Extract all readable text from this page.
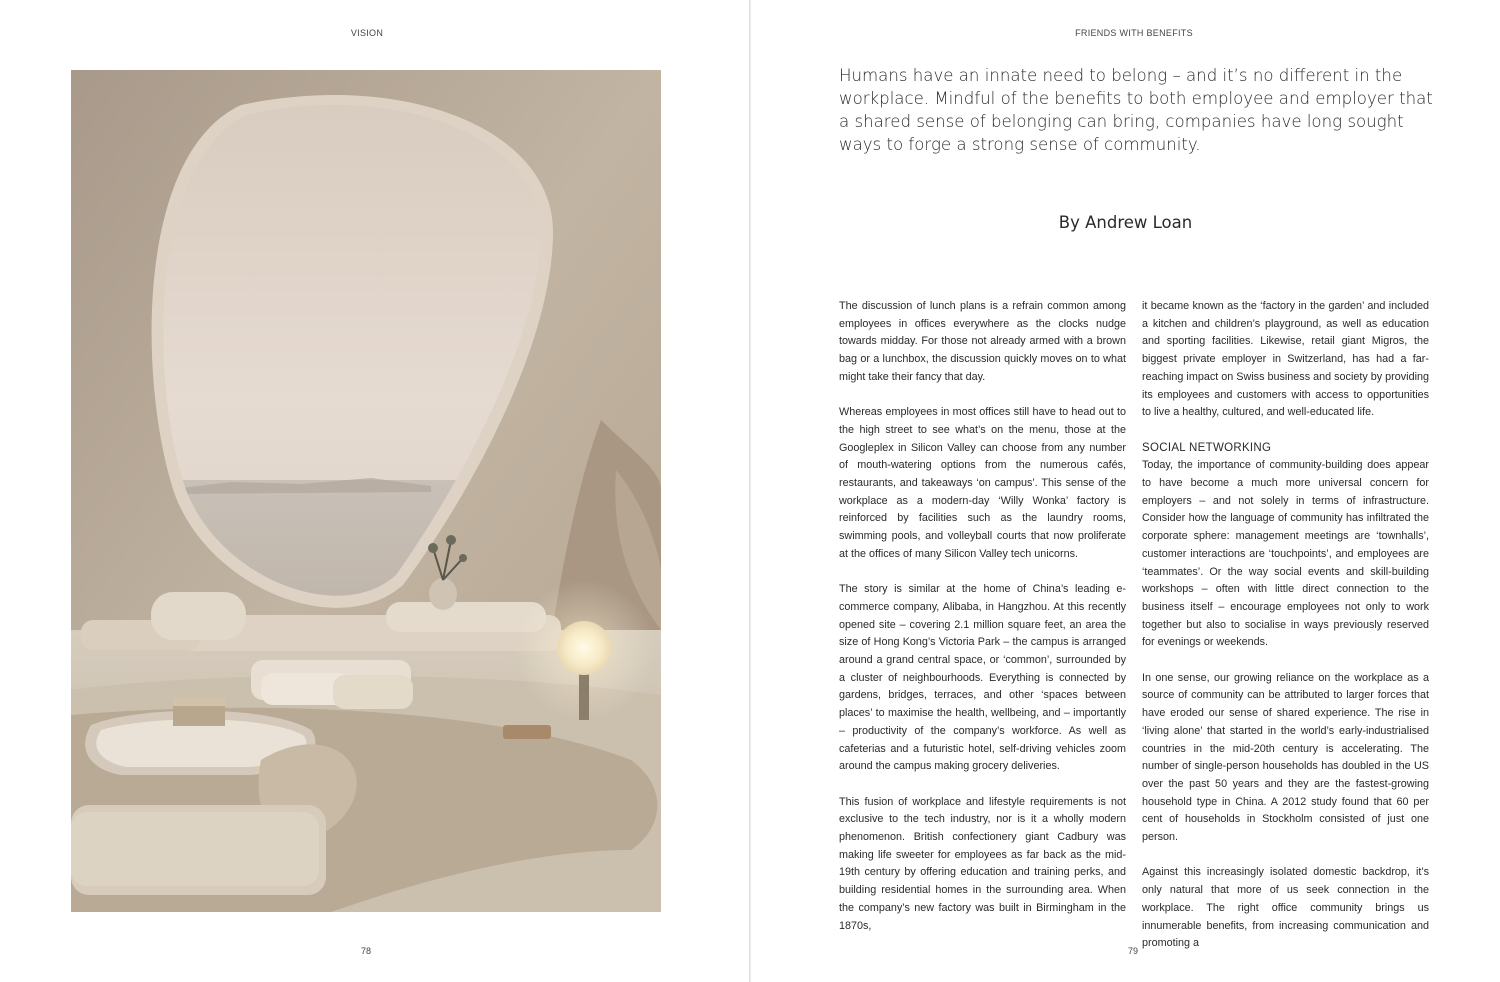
VISION
78
FRIENDS WITH BENEFITS

Humans have an innate need to belong – and it’s no different in the workplace. Mindful of the benefits to both employee and employer that a shared sense of belonging can bring, companies have long sought ways to forge a strong sense of community.

By Andrew Loan

The discussion of lunch plans is a refrain common among employees in offices everywhere as the clocks nudge towards midday. For those not already armed with a brown bag or a lunchbox, the discussion quickly moves on to what might take their fancy that day.

Whereas employees in most offices still have to head out to the high street to see what’s on the menu, those at the Googleplex in Silicon Valley can choose from any number of mouth-watering options from the numerous cafés, restaurants, and takeaways ‘on campus’. This sense of the workplace as a modern-day ‘Willy Wonka’ factory is reinforced by facilities such as the laundry rooms, swimming pools, and volleyball courts that now proliferate at the offices of many Silicon Valley tech unicorns.

The story is similar at the home of China’s leading e-commerce company, Alibaba, in Hangzhou. At this recently opened site – covering 2.1 million square feet, an area the size of Hong Kong’s Victoria Park – the campus is arranged around a grand central space, or ‘common’, surrounded by a cluster of neighbourhoods. Everything is connected by gardens, bridges, terraces, and other ‘spaces between places’ to maximise the health, wellbeing, and – importantly – productivity of the company’s workforce. As well as cafeterias and a futuristic hotel, self-driving vehicles zoom around the campus making grocery deliveries.

This fusion of workplace and lifestyle requirements is not exclusive to the tech industry, nor is it a wholly modern phenomenon. British confectionery giant Cadbury was making life sweeter for employees as far back as the mid-19th century by offering education and training perks, and building residential homes in the surrounding area. When the company’s new factory was built in Birmingham in the 1870s,

it became known as the ‘factory in the garden’ and included a kitchen and children’s playground, as well as education and sporting facilities. Likewise, retail giant Migros, the biggest private employer in Switzerland, has had a far-reaching impact on Swiss business and society by providing its employees and customers with access to opportunities to live a healthy, cultured, and well-educated life.

SOCIAL NETWORKING

Today, the importance of community-building does appear to have become a much more universal concern for employers – and not solely in terms of infrastructure. Consider how the language of community has infiltrated the corporate sphere: management meetings are ‘townhalls’, customer interactions are ‘touchpoints’, and employees are ‘teammates’. Or the way social events and skill-building workshops – often with little direct connection to the business itself – encourage employees not only to work together but also to socialise in ways previously reserved for evenings or weekends.

In one sense, our growing reliance on the workplace as a source of community can be attributed to larger forces that have eroded our sense of shared experience. The rise in ‘living alone’ that started in the world’s early-industrialised countries in the mid-20th century is accelerating. The number of single-person households has doubled in the US over the past 50 years and they are the fastest-growing household type in China. A 2012 study found that 60 per cent of households in Stockholm consisted of just one person.

Against this increasingly isolated domestic backdrop, it’s only natural that more of us seek connection in the workplace. The right office community brings us innumerable benefits, from increasing communication and promoting a

79
